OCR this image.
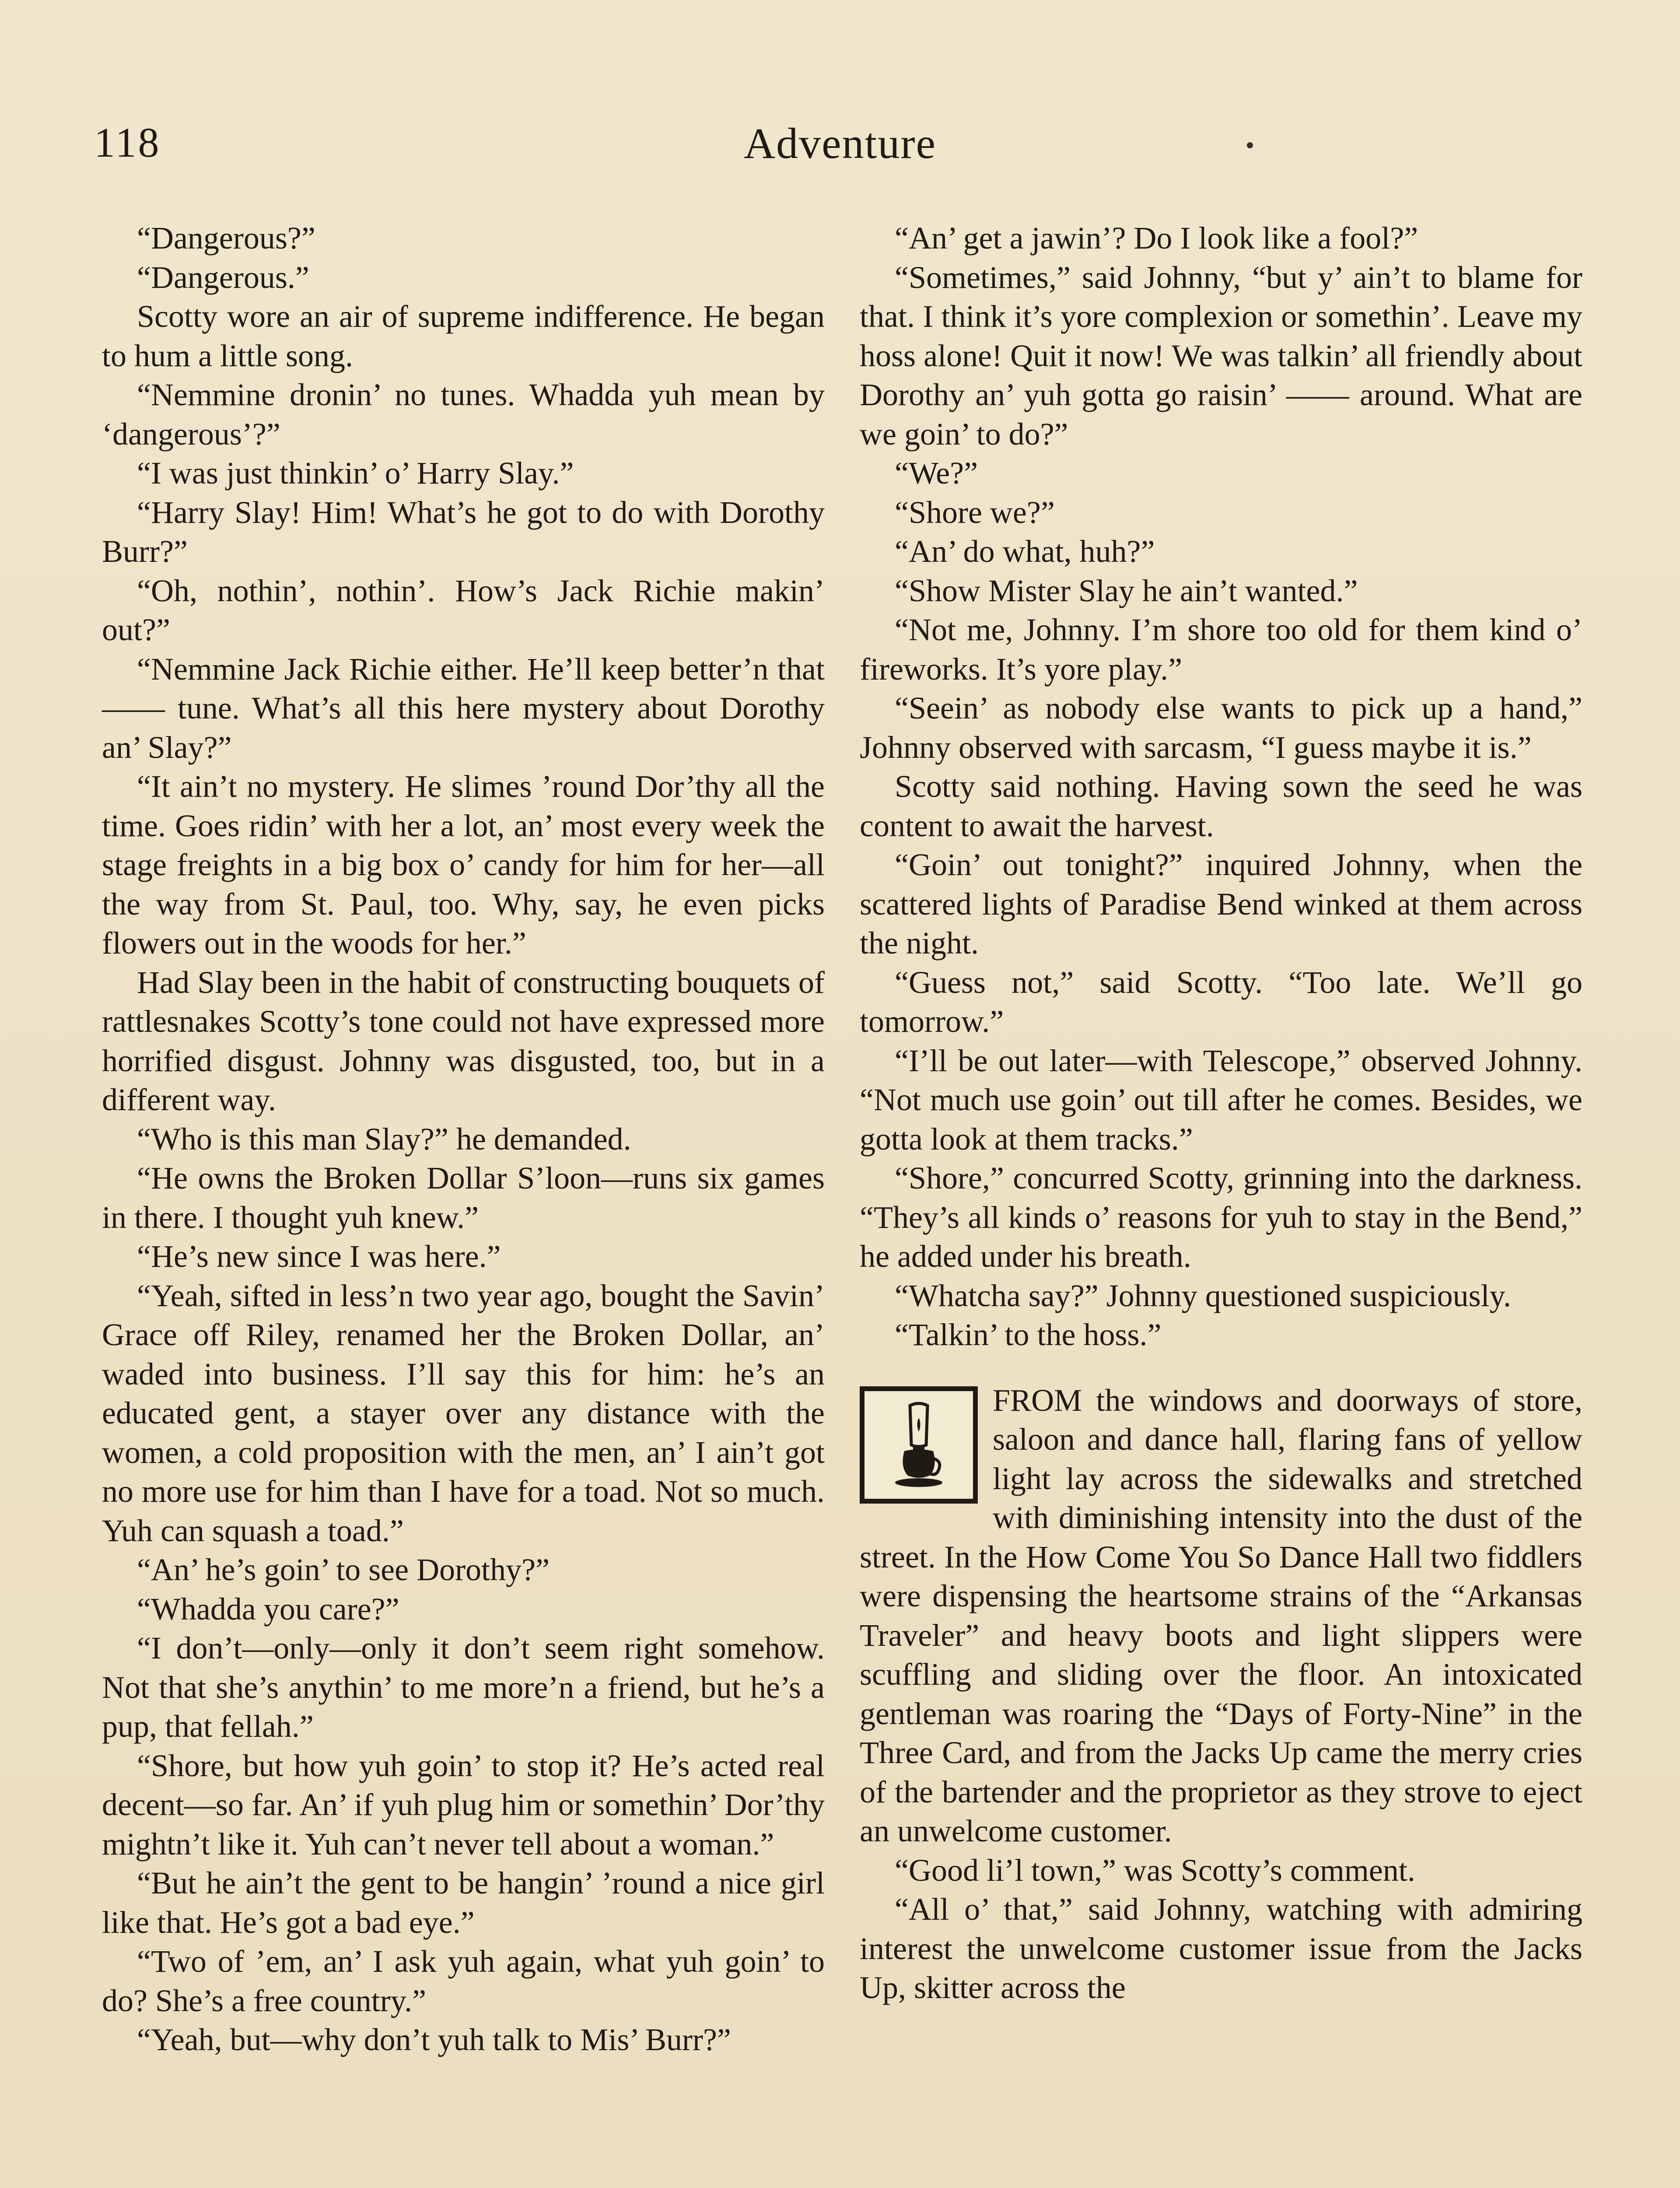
118	Adventure

“Dangerous?”

“Dangerous.”

Scotty wore an air of supreme indifference. He began to hum a little song.

“Nemmine dronin’ no tunes. Whadda yuh mean by ‘dangerous’?”

“I was just thinkin’ o’ Harry Slay.”

“Harry Slay! Him! What’s he got to do with Dorothy Burr?”

“Oh, nothin’, nothin’. How’s Jack Richie makin’ out?”

“Nemmine Jack Richie either. He’ll keep better’n that —— tune. What’s all this here mystery about Dorothy an’ Slay?”

“It ain’t no mystery. He slimes ’round Dor’thy all the time. Goes ridin’ with her a lot, an’ most every week the stage freights in a big box o’ candy for him for her—all the way from St. Paul, too. Why, say, he even picks flowers out in the woods for her.”

Had Slay been in the habit of constructing bouquets of rattlesnakes Scotty’s tone could not have expressed more horrified disgust. Johnny was disgusted, too, but in a different way.

“Who is this man Slay?” he demanded.

“He owns the Broken Dollar S’loon—runs six games in there. I thought yuh knew.”

“He’s new since I was here.”

“Yeah, sifted in less’n two year ago, bought the Savin’ Grace off Riley, renamed her the Broken Dollar, an’ waded into business. I’ll say this for him: he’s an educated gent, a stayer over any distance with the women, a cold proposition with the men, an’ I ain’t got no more use for him than I have for a toad. Not so much. Yuh can squash a toad.”

“An’ he’s goin’ to see Dorothy?”

“Whadda you care?”

“I don’t—only—only it don’t seem right somehow. Not that she’s anythin’ to me more’n a friend, but he’s a pup, that fellah.”

“Shore, but how yuh goin’ to stop it? He’s acted real decent—so far. An’ if yuh plug him or somethin’ Dor’thy mightn’t like it. Yuh can’t never tell about a woman.”

“But he ain’t the gent to be hangin’ ’round a nice girl like that. He’s got a bad eye.”

“Two of ’em, an’ I ask yuh again, what yuh goin’ to do? She’s a free country.”

“Yeah, but—why don’t yuh talk to Mis’ Burr?”

“An’ get a jawin’? Do I look like a fool?”

“Sometimes,” said Johnny, “but y’ ain’t to blame for that. I think it’s yore complexion or somethin’. Leave my hoss alone! Quit it now! We was talkin’ all friendly about Dorothy an’ yuh gotta go raisin’ —— around. What are we goin’ to do?”

“We?”

“Shore we?”

“An’ do what, huh?”

“Show Mister Slay he ain’t wanted.”

“Not me, Johnny. I’m shore too old for them kind o’ fireworks. It’s yore play.”

“Seein’ as nobody else wants to pick up a hand,” Johnny observed with sarcasm, “I guess maybe it is.”

Scotty said nothing. Having sown the seed he was content to await the harvest.

“Goin’ out tonight?” inquired Johnny, when the scattered lights of Paradise Bend winked at them across the night.

“Guess not,” said Scotty. “Too late. We’ll go tomorrow.”

“I’ll be out later—with Telescope,” observed Johnny. “Not much use goin’ out till after he comes. Besides, we gotta look at them tracks.”

“Shore,” concurred Scotty, grinning into the darkness. “They’s all kinds o’ reasons for yuh to stay in the Bend,” he added under his breath.

“Whatcha say?” Johnny questioned suspiciously.

“Talkin’ to the hoss.”

FROM the windows and doorways of store, saloon and dance hall, flaring fans of yellow light lay across the sidewalks and stretched with diminishing intensity into the dust of the street. In the How Come You So Dance Hall two fiddlers were dispensing the heartsome strains of the “Arkansas Traveler” and heavy boots and light slippers were scuffling and sliding over the floor. An intoxicated gentleman was roaring the “Days of Forty-Nine” in the Three Card, and from the Jacks Up came the merry cries of the bartender and the proprietor as they strove to eject an unwelcome customer.

“Good li’l town,” was Scotty’s comment.

“All o’ that,” said Johnny, watching with admiring interest the unwelcome customer issue from the Jacks Up, skitter across the
